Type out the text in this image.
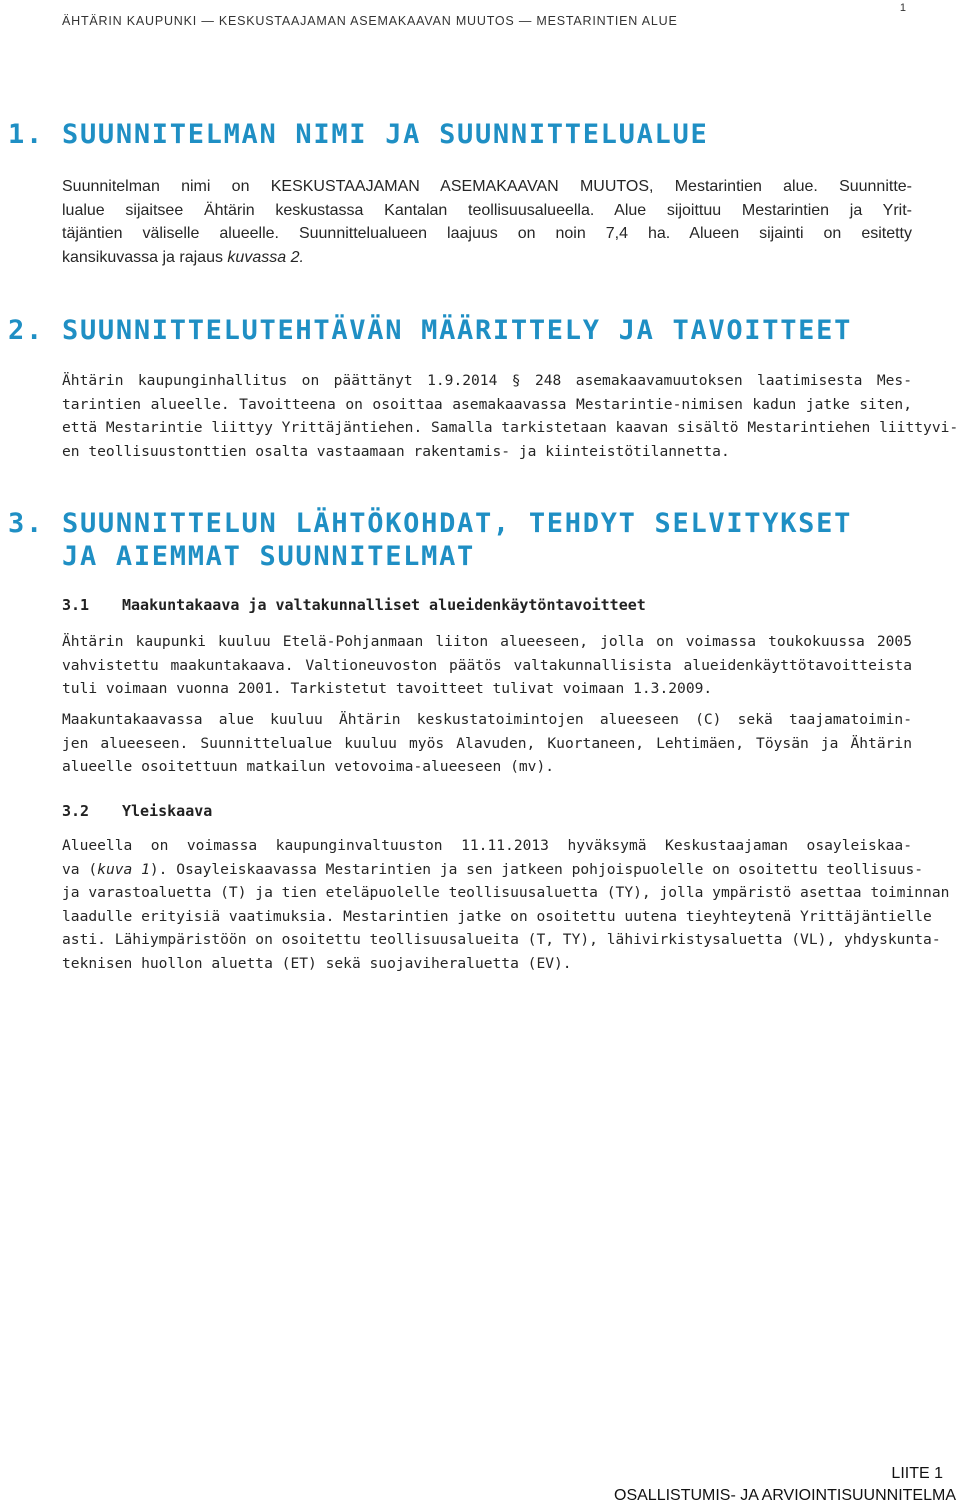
ÄHTÄRIN KAUPUNKI — KESKUSTAAJAMAN ASEMAKAAVAN MUUTOS — MESTARINTIEN ALUE
1
1. SUUNNITELMAN NIMI JA SUUNNITTELUALUE
Suunnitelman nimi on KESKUSTAAJAMAN ASEMAKAAVAN MUUTOS, Mestarintien alue. Suunnitte-
lualue sijaitsee Ähtärin keskustassa Kantalan teollisuusalueella. Alue sijoittuu Mestarintien ja Yrit-
täjäntien väliselle alueelle. Suunnittelualueen laajuus on noin 7,4 ha. Alueen sijainti on esitetty
kansikuvassa ja rajaus kuvassa 2.
2. SUUNNITTELUTEHTÄVÄN MÄÄRITTELY JA TAVOITTEET
Ähtärin kaupunginhallitus on päättänyt 1.9.2014 § 248 asemakaavamuutoksen laatimisesta Mes-
tarintien alueelle. Tavoitteena on osoittaa asemakaavassa Mestarintie-nimisen kadun jatke siten,
että Mestarintie liittyy Yrittäjäntiehen. Samalla tarkistetaan kaavan sisältö Mestarintiehen liittyvi-
en teollisuustonttien osalta vastaamaan rakentamis- ja kiinteistötilannetta.
3. SUUNNITTELUN LÄHTÖKOHDAT, TEHDYT SELVITYKSET
JA AIEMMAT SUUNNITELMAT
3.1 Maakuntakaava ja valtakunnalliset alueidenkäytöntavoitteet
Ähtärin kaupunki kuuluu Etelä-Pohjanmaan liiton alueeseen, jolla on voimassa toukokuussa 2005
vahvistettu maakuntakaava. Valtioneuvoston päätös valtakunnallisista alueidenkäyttötavoitteista
tuli voimaan vuonna 2001. Tarkistetut tavoitteet tulivat voimaan 1.3.2009.
Maakuntakaavassa alue kuuluu Ähtärin keskustatoimintojen alueeseen (C) sekä taajamatoimin-
jen alueeseen. Suunnittelualue kuuluu myös Alavuden, Kuortaneen, Lehtimäen, Töysän ja Ähtärin
alueelle osoitettuun matkailun vetovoima-alueeseen (mv).
3.2 Yleiskaava
Alueella on voimassa kaupunginvaltuuston 11.11.2013 hyväksymä Keskustaajaman osayleiskaa-
va (kuva 1). Osayleiskaavassa Mestarintien ja sen jatkeen pohjoispuolelle on osoitettu teollisuus-
ja varastoaluetta (T) ja tien eteläpuolelle teollisuusaluetta (TY), jolla ympäristö asettaa toiminnan
laadulle erityisiä vaatimuksia. Mestarintien jatke on osoitettu uutena tieyhteytenä Yrittäjäntielle
asti. Lähiympäristöön on osoitettu teollisuusalueita (T, TY), lähivirkistysaluetta (VL), yhdyskunta-
teknisen huollon aluetta (ET) sekä suojaviheraluetta (EV).
LIITE 1
OSALLISTUMIS- JA ARVIOINTISUUNNITELMA
